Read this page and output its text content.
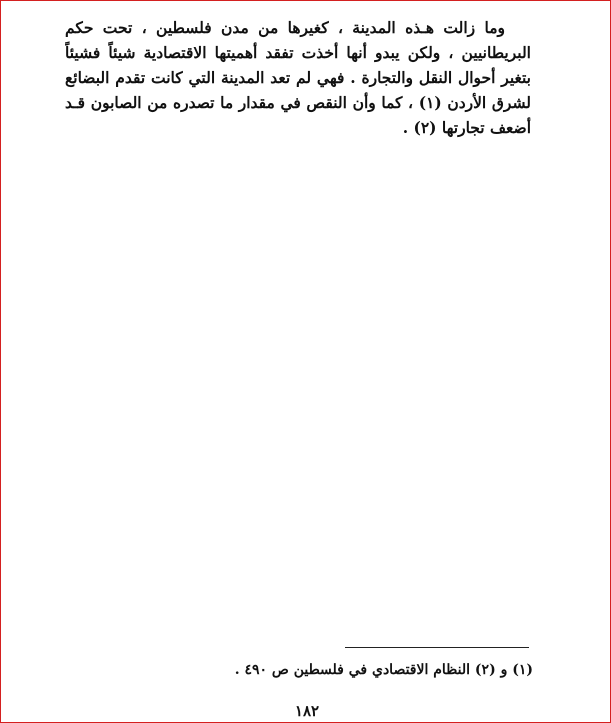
وما زالت هـذه المدينة ، كغيرها من مدن فلسطين ، تحت حكم
البريطانيين ، ولكن يبدو أنها أخذت تفقد أهميتها الاقتصادية شيئاً فشيئاً
بتغير أحوال النقل والتجارة . فهي لم تعد المدينة التي كانت تقدم البضائع
لشرق الأردن (١) ، كما وأن النقص في مقدار ما تصدره من الصابون قـد
أضعف تجارتها (٢) .
(١) و (٢) النظام الاقتصادي في فلسطين ص ٤٩٠ .
١٨٢
